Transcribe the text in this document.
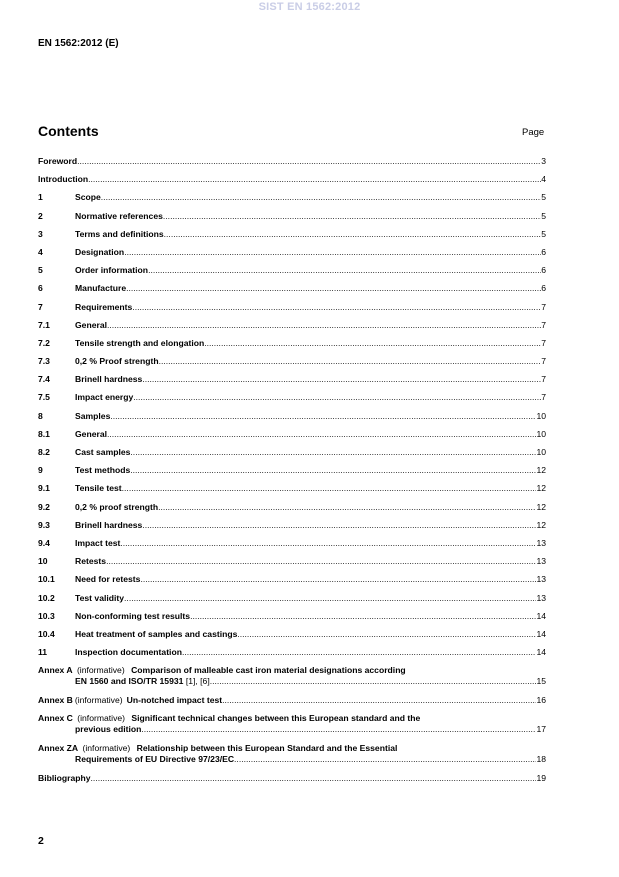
SIST EN 1562:2012
EN 1562:2012 (E)
Contents	Page
Foreword .....	3
Introduction .....	4
1	Scope .....	5
2	Normative references .....	5
3	Terms and definitions .....	5
4	Designation .....	6
5	Order information .....	6
6	Manufacture .....	6
7	Requirements .....	7
7.1	General .....	7
7.2	Tensile strength and elongation .....	7
7.3	0,2 % Proof strength .....	7
7.4	Brinell hardness .....	7
7.5	Impact energy .....	7
8	Samples .....	10
8.1	General .....	10
8.2	Cast samples .....	10
9	Test methods .....	12
9.1	Tensile test .....	12
9.2	0,2 % proof strength .....	12
9.3	Brinell hardness .....	12
9.4	Impact test .....	13
10	Retests .....	13
10.1	Need for retests .....	13
10.2	Test validity .....	13
10.3	Non-conforming test results .....	14
10.4	Heat treatment of samples and castings .....	14
11	Inspection documentation .....	14
Annex A (informative) Comparison of malleable cast iron material designations according
EN 1560 and ISO/TR 15931
[1], [6] .....	15
Annex B (informative) Un-notched impact test .....	16
Annex C (informative) Significant technical changes between this European standard and the
previous edition .....	17
Annex ZA (informative) Relationship between this European Standard and the Essential
Requirements of EU Directive 97/23/EC .....	18
Bibliography .....	19
2
